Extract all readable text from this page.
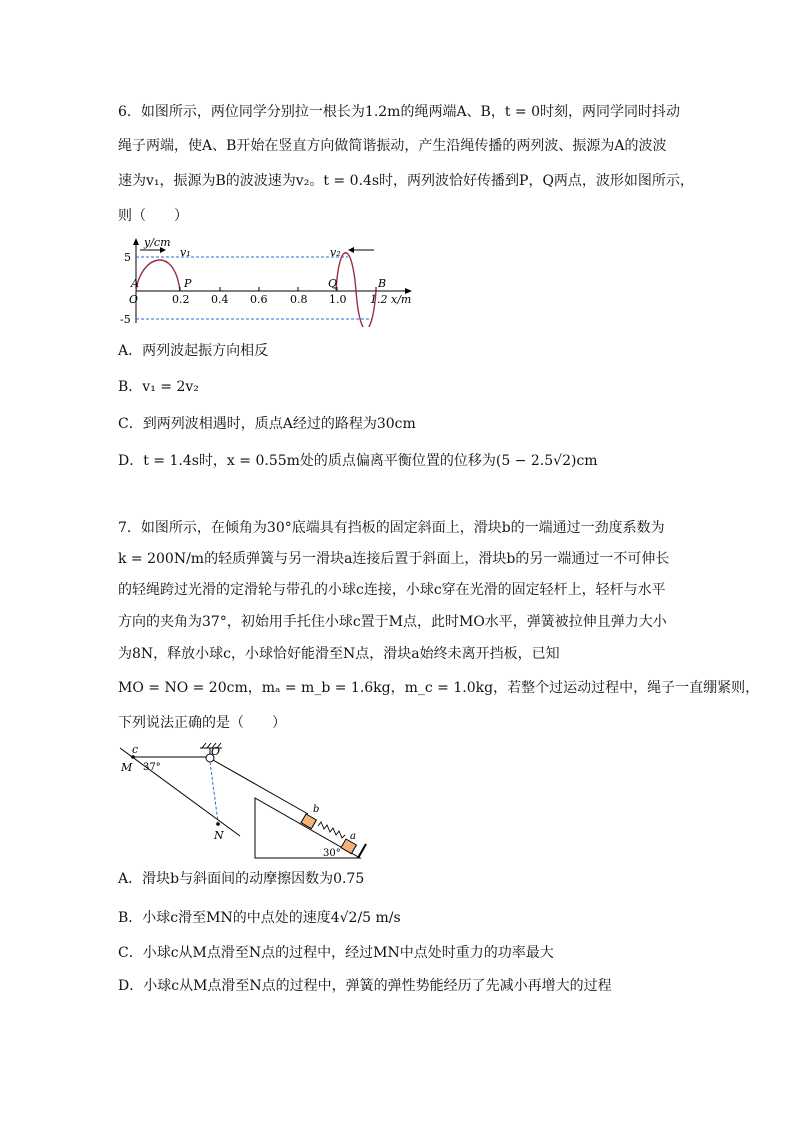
6．如图所示，两位同学分别拉一根长为1.2m的绳两端A、B，t = 0时刻，两同学同时抖动
绳子两端，使A、B开始在竖直方向做简谐振动，产生沿绳传播的两列波、振源为A的波波
速为v₁，振源为B的波波速为v₂。t = 0.4s时，两列波恰好传播到P，Q两点，波形如图所示，
则（　　）
y/cm
v₁	v₂
5
-5
A
O
P	Q	B
0.2 0.4 0.6 0.8 1.0 1.2 x/m
A．两列波起振方向相反
B．v₁ = 2v₂
C．到两列波相遇时，质点A经过的路程为30cm
D．t = 1.4s时，x = 0.55m处的质点偏离平衡位置的位移为(5 − 2.5√2)cm
7．如图所示，在倾角为30°底端具有挡板的固定斜面上，滑块b的一端通过一劲度系数为
k = 200N/m的轻质弹簧与另一滑块a连接后置于斜面上，滑块b的另一端通过一不可伸长
的轻绳跨过光滑的定滑轮与带孔的小球c连接，小球c穿在光滑的固定轻杆上，轻杆与水平
方向的夹角为37°，初始用手托住小球c置于M点，此时MO水平，弹簧被拉伸且弹力大小
为8N，释放小球c，小球恰好能滑至N点，滑块a始终未离开挡板，已知
MO = NO = 20cm，mₐ = m_b = 1.6kg，m_c = 1.0kg，若整个过运动过程中，绳子一直绷紧则，
下列说法正确的是（　　）
c
M 37°
O
N
b
a
30°
A．滑块b与斜面间的动摩擦因数为0.75
B．小球c滑至MN的中点处的速度4√2/5 m/s
C．小球c从M点滑至N点的过程中，经过MN中点处时重力的功率最大
D．小球c从M点滑至N点的过程中，弹簧的弹性势能经历了先减小再增大的过程
